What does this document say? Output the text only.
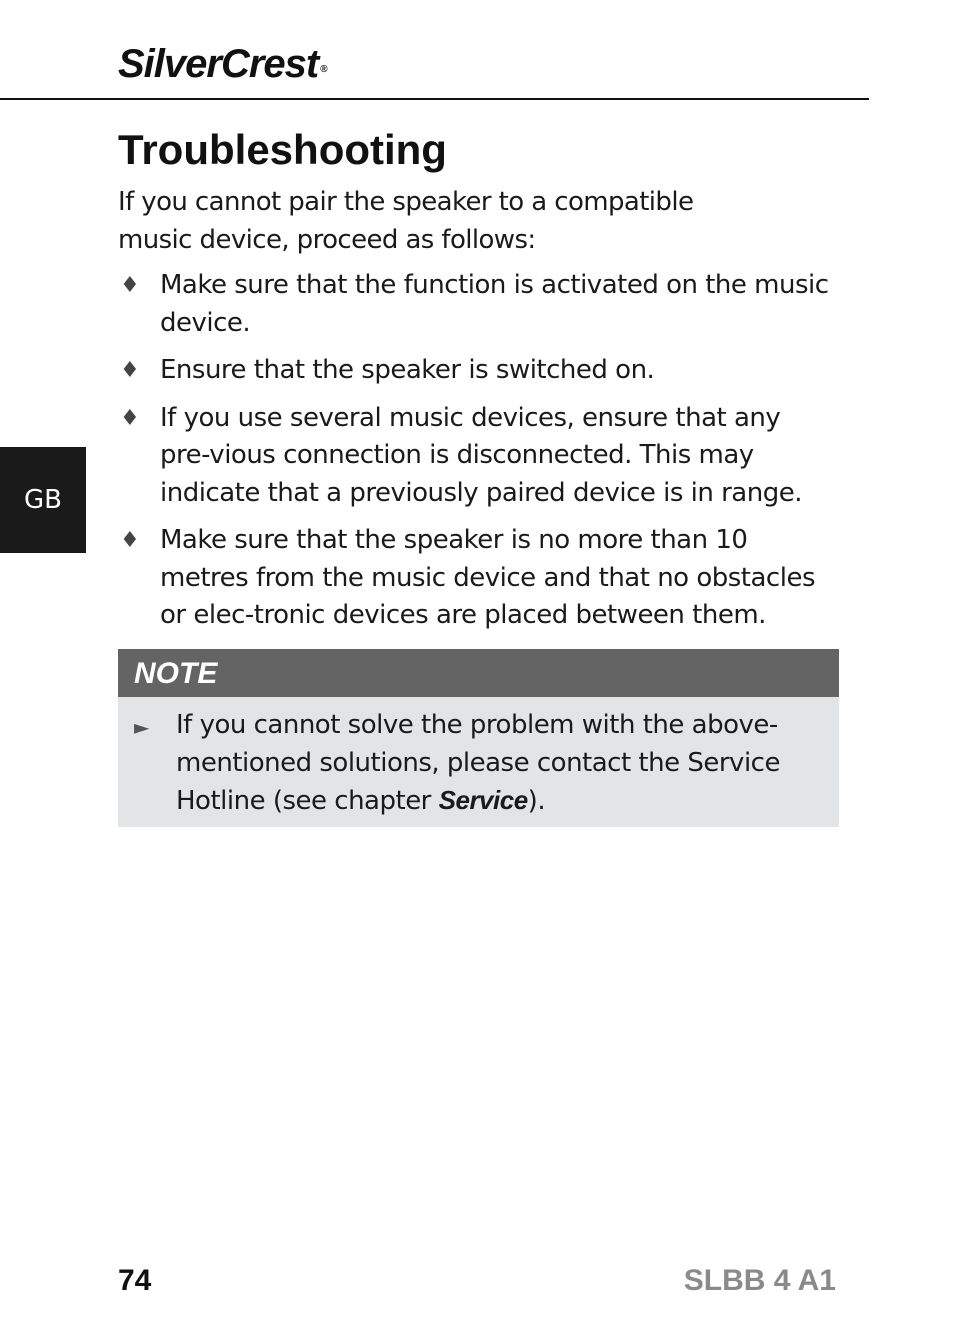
SilverCrest ®
GB
Troubleshooting

If you cannot pair the speaker to a compatible
music device, proceed as follows:

♦ Make sure that the function is activated on the music device.
♦ Ensure that the speaker is switched on.
♦ If you use several music devices, ensure that any pre-vious connection is disconnected. This may indicate that a previously paired device is in range.
♦ Make sure that the speaker is no more than 10 metres from the music device and that no obstacles or elec-tronic devices are placed between them.
NOTE
► If you cannot solve the problem with the above-mentioned solutions, please contact the Service Hotline (see chapter Service).
74	SLBB 4 A1
